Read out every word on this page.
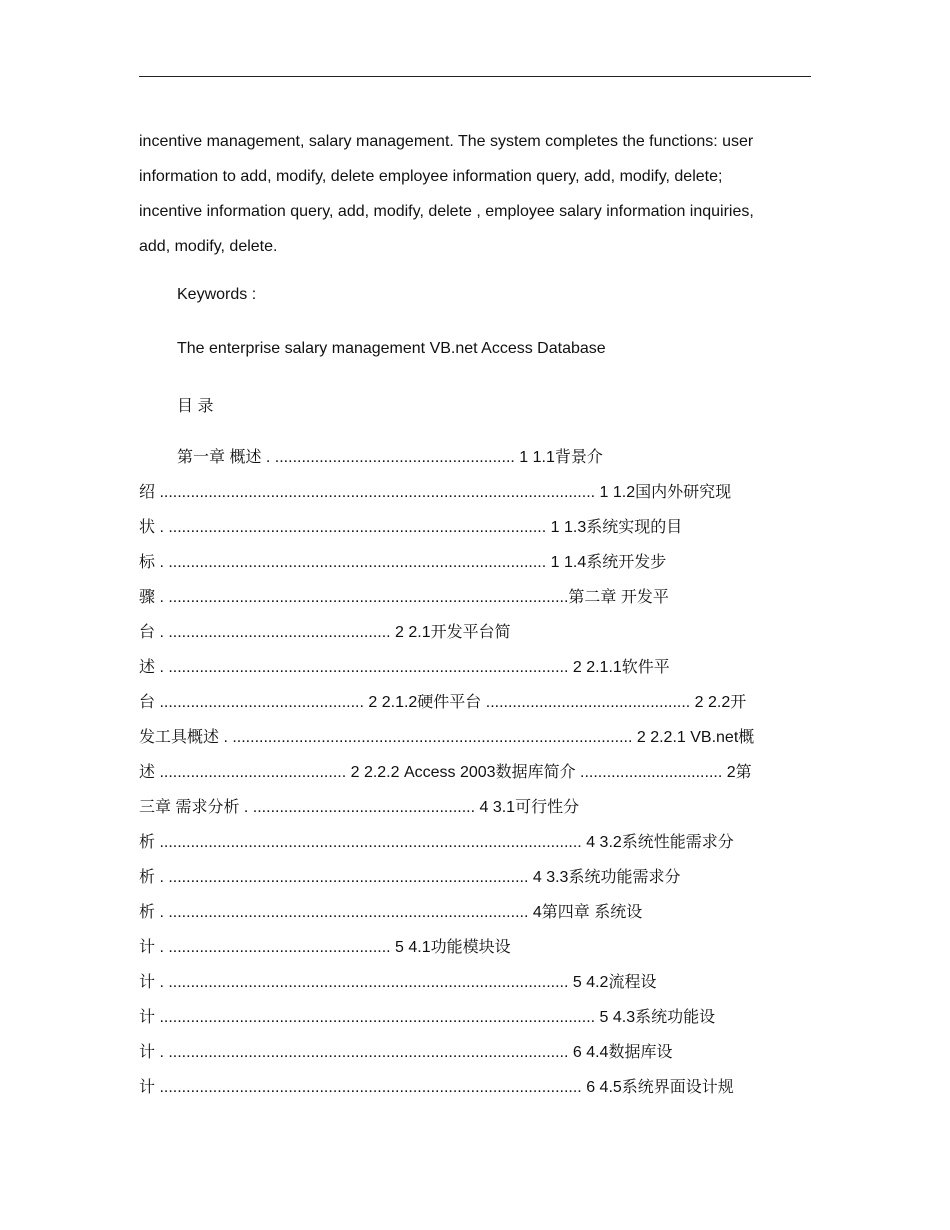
incentive management, salary management. The system completes the functions: user
information to add, modify, delete employee information query, add, modify, delete;
incentive information query, add, modify, delete , employee salary information inquiries,
add, modify, delete.

Keywords :

The enterprise salary management VB.net Access Database

目 录

第一章 概述 . ...................................................... 1 1.1背景介
绍 .................................................................................................. 1 1.2国内外研究现
状 . ..................................................................................... 1 1.3系统实现的目
标 . ..................................................................................... 1 1.4系统开发步
骤 . ..........................................................................................第二章 开发平
台 . .................................................. 2 2.1开发平台简
述 . .......................................................................................... 2 2.1.1软件平
台 .............................................. 2 2.1.2硬件平台 .............................................. 2 2.2开
发工具概述 . .......................................................................................... 2 2.2.1 VB.net概
述 .......................................... 2 2.2.2 Access 2003数据库简介 ................................ 2第
三章 需求分析 . .................................................. 4 3.1可行性分
析 ............................................................................................... 4 3.2系统性能需求分
析 . ................................................................................. 4 3.3系统功能需求分
析 . ................................................................................. 4第四章 系统设
计 . .................................................. 5 4.1功能模块设
计 . .......................................................................................... 5 4.2流程设
计 .................................................................................................. 5 4.3系统功能设
计 . .......................................................................................... 6 4.4数据库设
计 ............................................................................................... 6 4.5系统界面设计规
